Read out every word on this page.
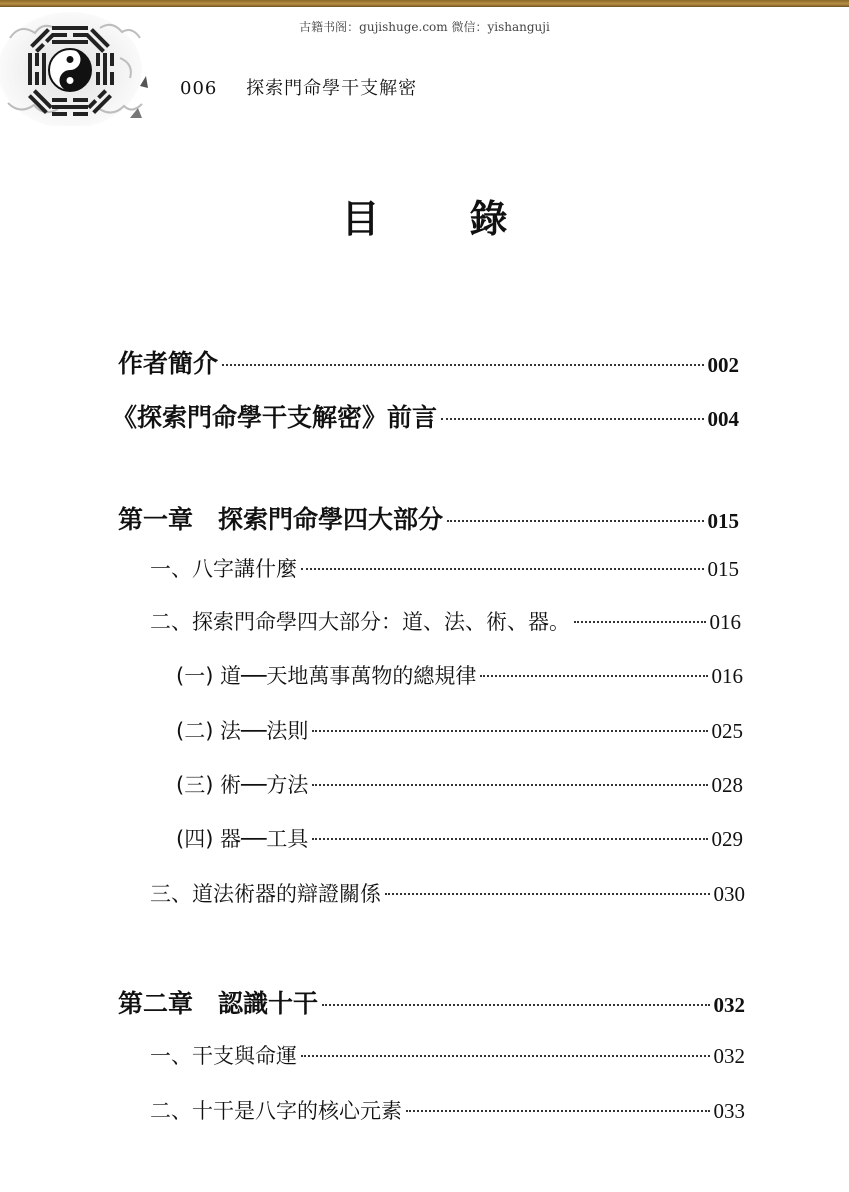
古籍书阁：gujishuge.com 微信：yishanguji
006 探索門命學干支解密
目 錄
作者簡介	002
《探索門命學干支解密》前言	004
第一章　探索門命學四大部分	015
一、八字講什麼	015
二、探索門命學四大部分：道、法、術、器。	016
(一) 道──天地萬事萬物的總規律	016
(二) 法──法則	025
(三) 術──方法	028
(四) 器──工具	029
三、道法術器的辯證關係	030
第二章　認識十干	032
一、干支與命運	032
二、十干是八字的核心元素	033
